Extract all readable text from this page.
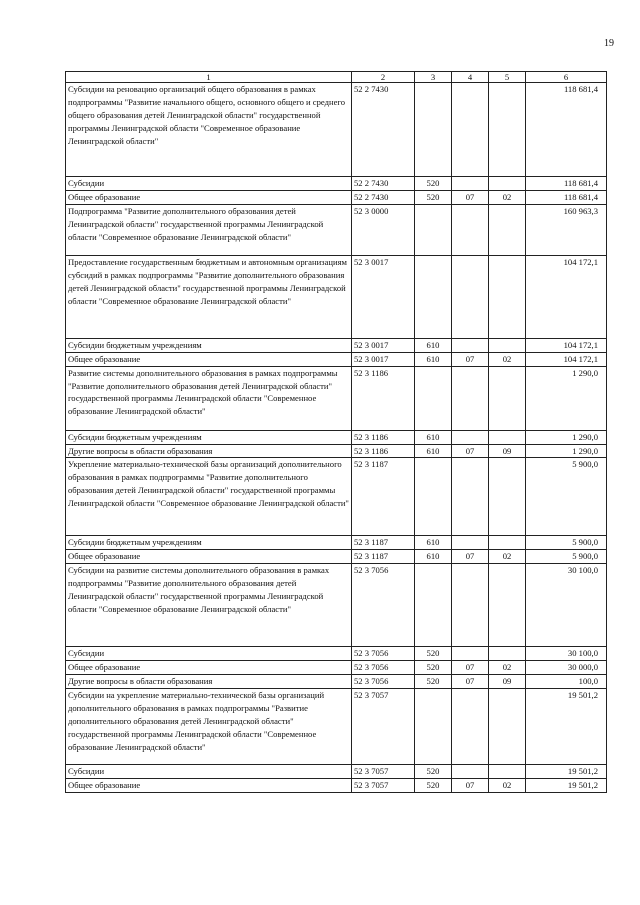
19
1	2	3	4	5	6
Субсидии на реновацию организаций общего образования в рамках подпрограммы "Развитие начального общего, основного общего и среднего общего образования детей Ленинградской области" государственной программы Ленинградской области "Современное образование Ленинградской области"	52 2 7430				118 681,4
Субсидии	52 2 7430	520			118 681,4
Общее образование	52 2 7430	520	07	02	118 681,4
Подпрограмма "Развитие дополнительного образования детей Ленинградской области" государственной программы Ленинградской области "Современное образование Ленинградской области"	52 3 0000				160 963,3
Предоставление государственным бюджетным и автономным организациям субсидий в рамках подпрограммы "Развитие дополнительного образования детей Ленинградской области" государственной программы Ленинградской области "Современное образование Ленинградской области"	52 3 0017				104 172,1
Субсидии бюджетным учреждениям	52 3 0017	610			104 172,1
Общее образование	52 3 0017	610	07	02	104 172,1
Развитие системы дополнительного образования в рамках подпрограммы "Развитие дополнительного образования детей Ленинградской области" государственной программы Ленинградской области "Современное образование Ленинградской области"	52 3 1186				1 290,0
Субсидии бюджетным учреждениям	52 3 1186	610			1 290,0
Другие вопросы в области образования	52 3 1186	610	07	09	1 290,0
Укрепление материально-технической базы организаций дополнительного образования в рамках подпрограммы "Развитие дополнительного образования детей Ленинградской области" государственной программы Ленинградской области "Современное образование Ленинградской области"	52 3 1187				5 900,0
Субсидии бюджетным учреждениям	52 3 1187	610			5 900,0
Общее образование	52 3 1187	610	07	02	5 900,0
Субсидии на развитие системы дополнительного образования в рамках подпрограммы "Развитие дополнительного образования детей Ленинградской области" государственной программы Ленинградской области "Современное образование Ленинградской области"	52 3 7056				30 100,0
Субсидии	52 3 7056	520			30 100,0
Общее образование	52 3 7056	520	07	02	30 000,0
Другие вопросы в области образования	52 3 7056	520	07	09	100,0
Субсидии на укрепление материально-технической базы организаций дополнительного образования в рамках подпрограммы "Развитие дополнительного образования детей Ленинградской области" государственной программы Ленинградской области "Современное образование Ленинградской области"	52 3 7057				19 501,2
Субсидии	52 3 7057	520			19 501,2
Общее образование	52 3 7057	520	07	02	19 501,2
